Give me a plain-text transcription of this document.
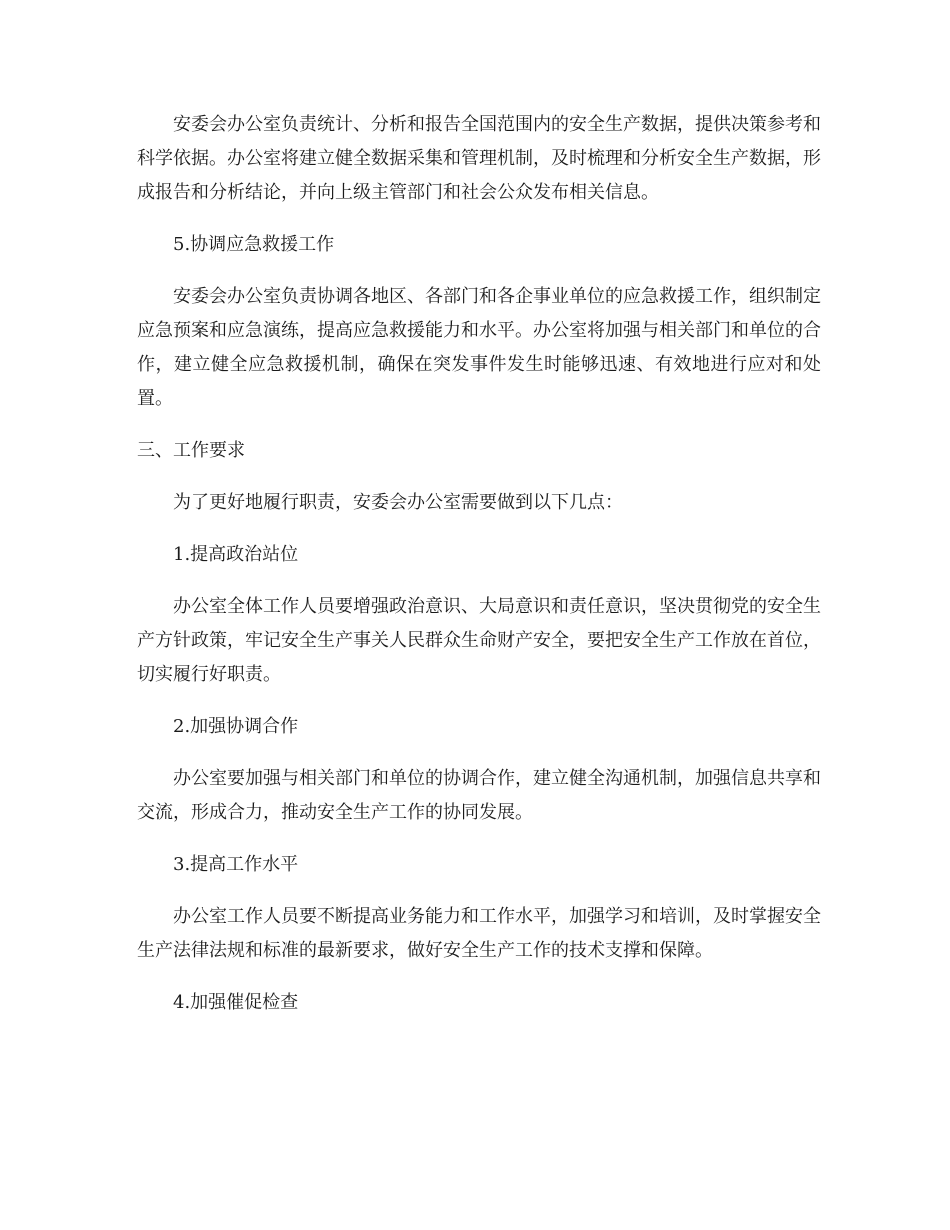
安委会办公室负责统计、分析和报告全国范围内的安全生产数据，提供决策参考和科学依据。办公室将建立健全数据采集和管理机制，及时梳理和分析安全生产数据，形成报告和分析结论，并向上级主管部门和社会公众发布相关信息。

5.协调应急救援工作

安委会办公室负责协调各地区、各部门和各企事业单位的应急救援工作，组织制定应急预案和应急演练，提高应急救援能力和水平。办公室将加强与相关部门和单位的合作，建立健全应急救援机制，确保在突发事件发生时能够迅速、有效地进行应对和处置。

三、工作要求

为了更好地履行职责，安委会办公室需要做到以下几点：

1.提高政治站位

办公室全体工作人员要增强政治意识、大局意识和责任意识，坚决贯彻党的安全生产方针政策，牢记安全生产事关人民群众生命财产安全，要把安全生产工作放在首位，切实履行好职责。

2.加强协调合作

办公室要加强与相关部门和单位的协调合作，建立健全沟通机制，加强信息共享和交流，形成合力，推动安全生产工作的协同发展。

3.提高工作水平

办公室工作人员要不断提高业务能力和工作水平，加强学习和培训，及时掌握安全生产法律法规和标准的最新要求，做好安全生产工作的技术支撑和保障。

4.加强催促检查
